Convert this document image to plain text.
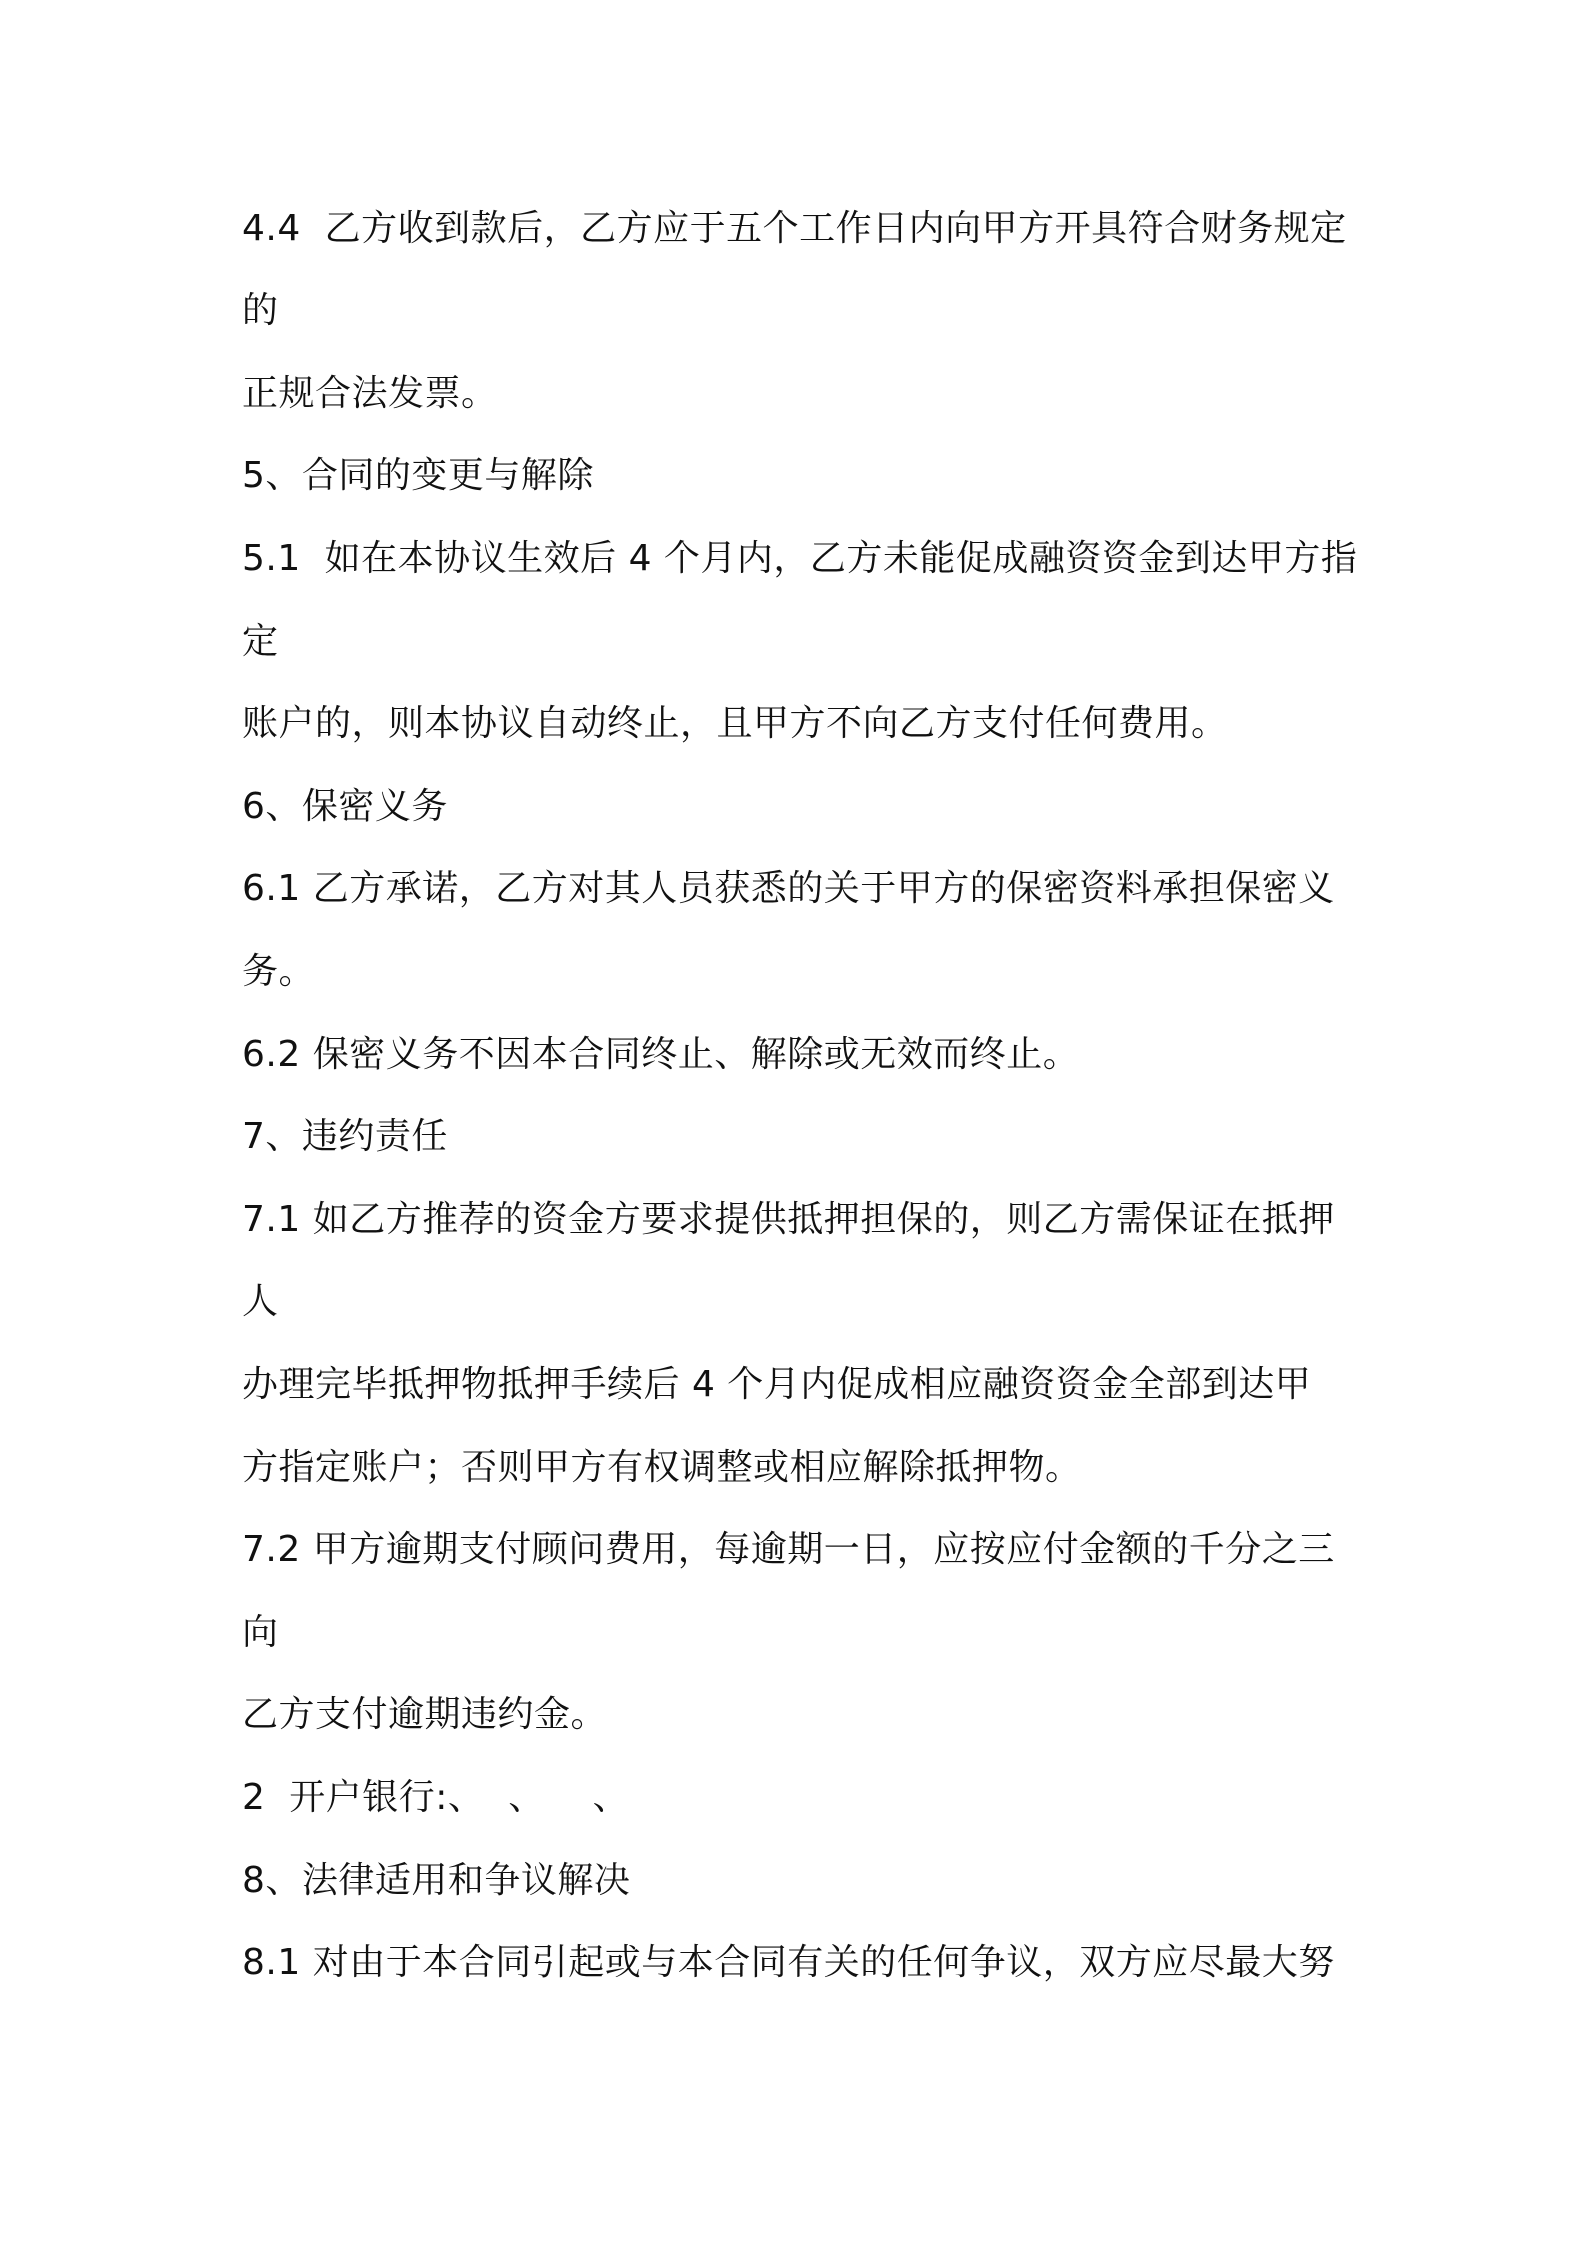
4.4  乙方收到款后，乙方应于五个工作日内向甲方开具符合财务规定
的
正规合法发票。
5、合同的变更与解除
5.1  如在本协议生效后 4 个月内，乙方未能促成融资资金到达甲方指
定
账户的，则本协议自动终止，且甲方不向乙方支付任何费用。
6、保密义务
6.1 乙方承诺，乙方对其人员获悉的关于甲方的保密资料承担保密义
务。
6.2 保密义务不因本合同终止、解除或无效而终止。
7、违约责任
7.1 如乙方推荐的资金方要求提供抵押担保的，则乙方需保证在抵押
人
办理完毕抵押物抵押手续后 4 个月内促成相应融资资金全部到达甲
方指定账户；否则甲方有权调整或相应解除抵押物。
7.2 甲方逾期支付顾问费用，每逾期一日，应按应付金额的千分之三
向
乙方支付逾期违约金。
2  开户银行:、  、    、
8、法律适用和争议解决
8.1 对由于本合同引起或与本合同有关的任何争议，双方应尽最大努
